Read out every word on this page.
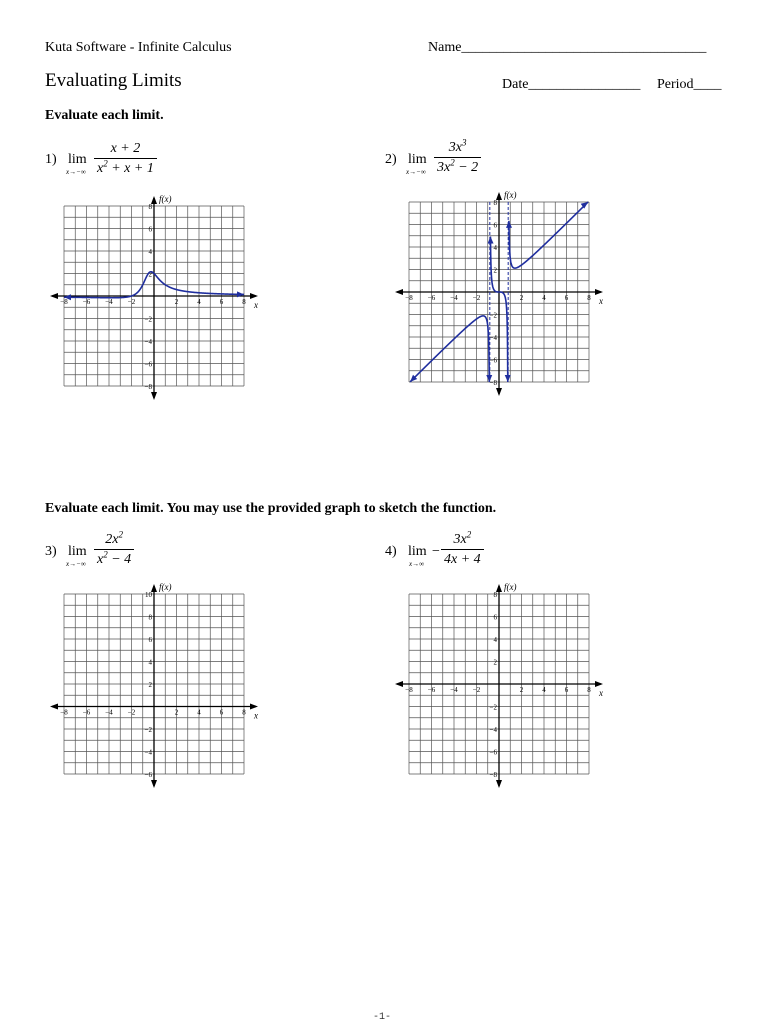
Kuta Software - Infinite Calculus	Name___________________________________
Evaluating Limits	Date________________ Period____
Evaluate each limit.
1) lim
$x\to-\infty \frac{x + 2}{x^2 + x + 1}$	2) lim
$x\to-\infty \frac{3x^3}{3x^2 - 2}$
−8 −6 −4 −2	2	4	6	8
8
6
4
2
−2
−4
−6
−8
f(x)
x
−8 −6 −4 −2	2	4	6	8
8
6
4
2
−2
−4
−6
−8
f(x)
x
Evaluate each limit. You may use the provided graph to sketch the function.
3) lim
$x\to-\infty \frac{2x^2}{x^2 - 4}$	4) lim
x→∞
− $\frac{3x^2}{4x + 4}$
−8 −6 −4 −2	2	4	6	8
10
8
6
4
2
−2
−4
−6
f(x)
x
−8 −6 −4 −2	2	4	6	8
8
6
4
2
−2
−4
−6
−8
f(x)
x
-1-
